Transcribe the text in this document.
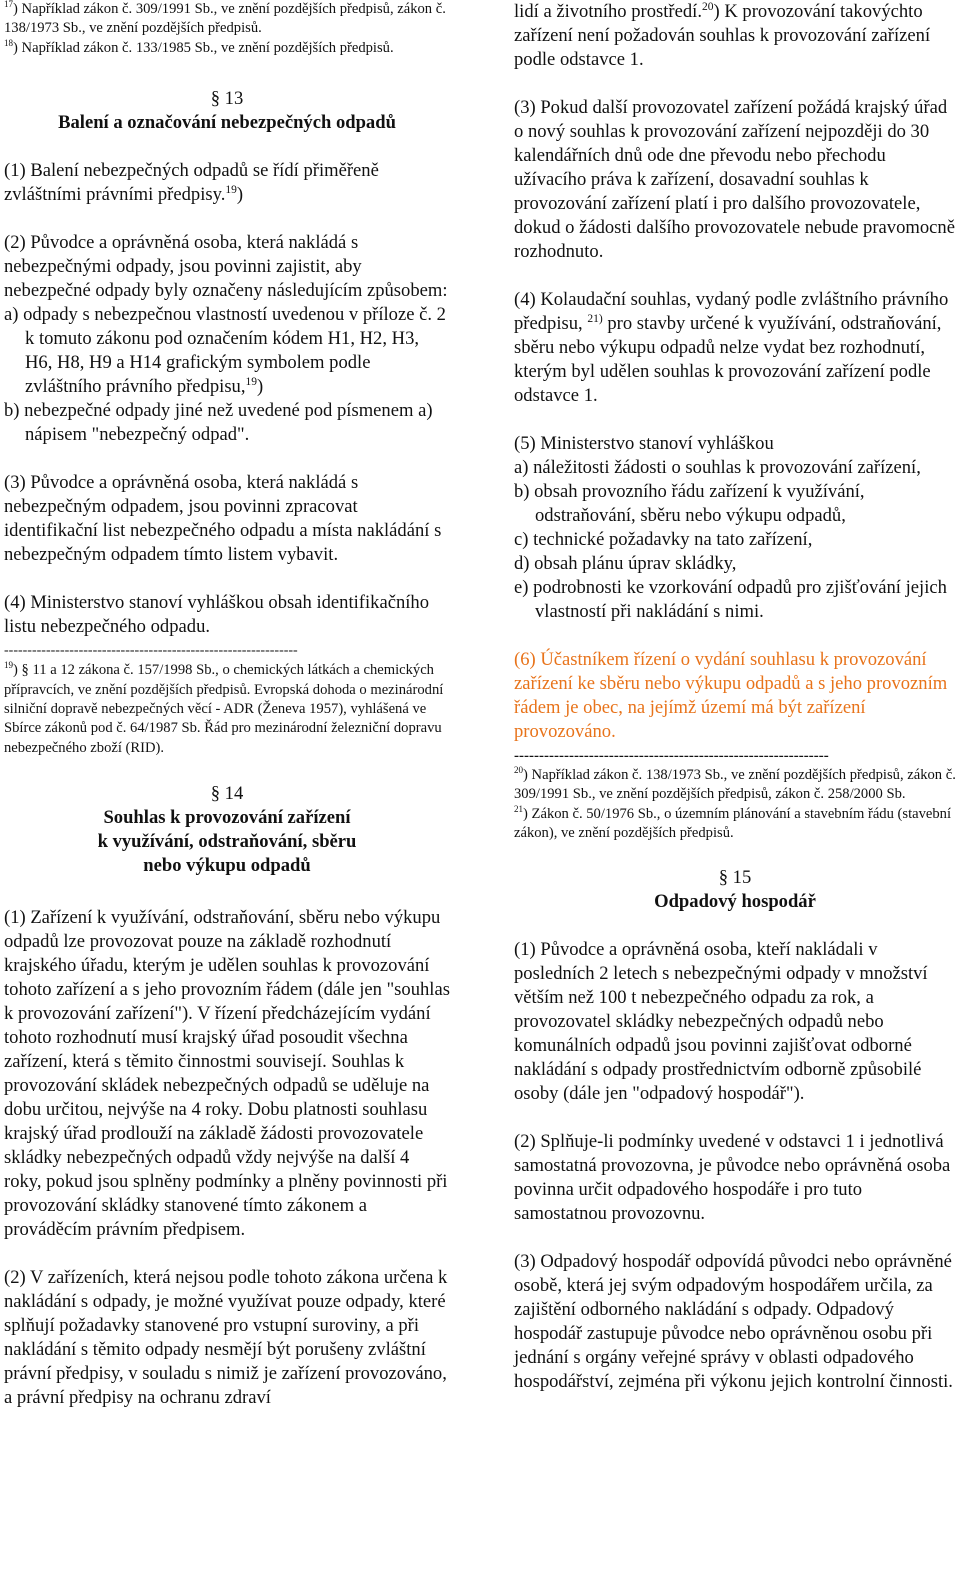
$^{17}$) Například zákon č. 309/1991 Sb., ve znění pozdějších předpisů, zákon č. 138/1973 Sb., ve znění pozdějších předpisů.

$^{18}$) Například zákon č. 133/1985 Sb., ve znění pozdějších předpisů.

§ 13
Balení a označování nebezpečných odpadů

(1) Balení nebezpečných odpadů se řídí přiměřeně zvláštními právními předpisy.$^{19}$)

(2) Původce a oprávněná osoba, která nakládá s nebezpečnými odpady, jsou povinni zajistit, aby nebezpečné odpady byly označeny následujícím způsobem:

a) odpady s nebezpečnou vlastností uvedenou v příloze č. 2 k tomuto zákonu pod označením kódem H1, H2, H3, H6, H8, H9 a H14 grafickým symbolem podle zvláštního právního předpisu,$^{19}$)

b) nebezpečné odpady jiné než uvedené pod písmenem a) nápisem "nebezpečný odpad".

(3) Původce a oprávněná osoba, která nakládá s nebezpečným odpadem, jsou povinni zpracovat identifikační list nebezpečného odpadu a místa nakládání s nebezpečným odpadem tímto listem vybavit.

(4) Ministerstvo stanoví vyhláškou obsah identifikačního listu nebezpečného odpadu.

---------------------------------------------------------------

$^{19}$) § 11 a 12 zákona č. 157/1998 Sb., o chemických látkách a chemických přípravcích, ve znění pozdějších předpisů. Evropská dohoda o mezinárodní silniční dopravě nebezpečných věcí - ADR (Ženeva 1957), vyhlášená ve Sbírce zákonů pod č. 64/1987 Sb. Řád pro mezinárodní železniční dopravu nebezpečného zboží (RID).

§ 14
Souhlas k provozování zařízení
k využívání, odstraňování, sběru
nebo výkupu odpadů

(1) Zařízení k využívání, odstraňování, sběru nebo výkupu odpadů lze provozovat pouze na základě rozhodnutí krajského úřadu, kterým je udělen souhlas k provozování tohoto zařízení a s jeho provozním řádem (dále jen "souhlas k provozování zařízení"). V řízení předcházejícím vydání tohoto rozhodnutí musí krajský úřad posoudit všechna zařízení, která s těmito činnostmi souvisejí. Souhlas k provozování skládek nebezpečných odpadů se uděluje na dobu určitou, nejvýše na 4 roky. Dobu platnosti souhlasu krajský úřad prodlouží na základě žádosti provozovatele skládky nebezpečných odpadů vždy nejvýše na další 4 roky, pokud jsou splněny podmínky a plněny povinnosti při provozování skládky stanovené tímto zákonem a prováděcím právním předpisem.

(2) V zařízeních, která nejsou podle tohoto zákona určena k nakládání s odpady, je možné využívat pouze odpady, které splňují požadavky stanovené pro vstupní suroviny, a při nakládání s těmito odpady nesmějí být porušeny zvláštní právní předpisy, v souladu s nimiž je zařízení provozováno, a právní předpisy na ochranu zdraví

lidí a životního prostředí.$^{20}$) K provozování takovýchto zařízení není požadován souhlas k provozování zařízení podle odstavce 1.

(3) Pokud další provozovatel zařízení požádá krajský úřad o nový souhlas k provozování zařízení nejpozději do 30 kalendářních dnů ode dne převodu nebo přechodu užívacího práva k zařízení, dosavadní souhlas k provozování zařízení platí i pro dalšího provozovatele, dokud o žádosti dalšího provozovatele nebude pravomocně rozhodnuto.

(4) Kolaudační souhlas, vydaný podle zvláštního právního předpisu, $^{21)}$ pro stavby určené k využívání, odstraňování, sběru nebo výkupu odpadů nelze vydat bez rozhodnutí, kterým byl udělen souhlas k provozování zařízení podle odstavce 1.

(5) Ministerstvo stanoví vyhláškou

a) náležitosti žádosti o souhlas k provozování zařízení,

b) obsah provozního řádu zařízení k využívání, odstraňování, sběru nebo výkupu odpadů,

c) technické požadavky na tato zařízení,

d) obsah plánu úprav skládky,

e) podrobnosti ke vzorkování odpadů pro zjišťování jejich vlastností při nakládání s nimi.

(6) Účastníkem řízení o vydání souhlasu k provozování zařízení ke sběru nebo výkupu odpadů a s jeho provozním řádem je obec, na jejímž území má být zařízení provozováno.

---------------------------------------------------------------

$^{20}$) Například zákon č. 138/1973 Sb., ve znění pozdějších předpisů, zákon č. 309/1991 Sb., ve znění pozdějších předpisů, zákon č. 258/2000 Sb.

$^{21}$) Zákon č. 50/1976 Sb., o územním plánování a stavebním řádu (stavební zákon), ve znění pozdějších předpisů.

§ 15
Odpadový hospodář

(1) Původce a oprávněná osoba, kteří nakládali v posledních 2 letech s nebezpečnými odpady v množství větším než 100 t nebezpečného odpadu za rok, a provozovatel skládky nebezpečných odpadů nebo komunálních odpadů jsou povinni zajišťovat odborné nakládání s odpady prostřednictvím odborně způsobilé osoby (dále jen "odpadový hospodář").

(2) Splňuje-li podmínky uvedené v odstavci 1 i jednotlivá samostatná provozovna, je původce nebo oprávněná osoba povinna určit odpadového hospodáře i pro tuto samostatnou provozovnu.

(3) Odpadový hospodář odpovídá původci nebo oprávněné osobě, která jej svým odpadovým hospodářem určila, za zajištění odborného nakládání s odpady. Odpadový hospodář zastupuje původce nebo oprávněnou osobu při jednání s orgány veřejné správy v oblasti odpadového hospodářství, zejména při výkonu jejich kontrolní činnosti.
